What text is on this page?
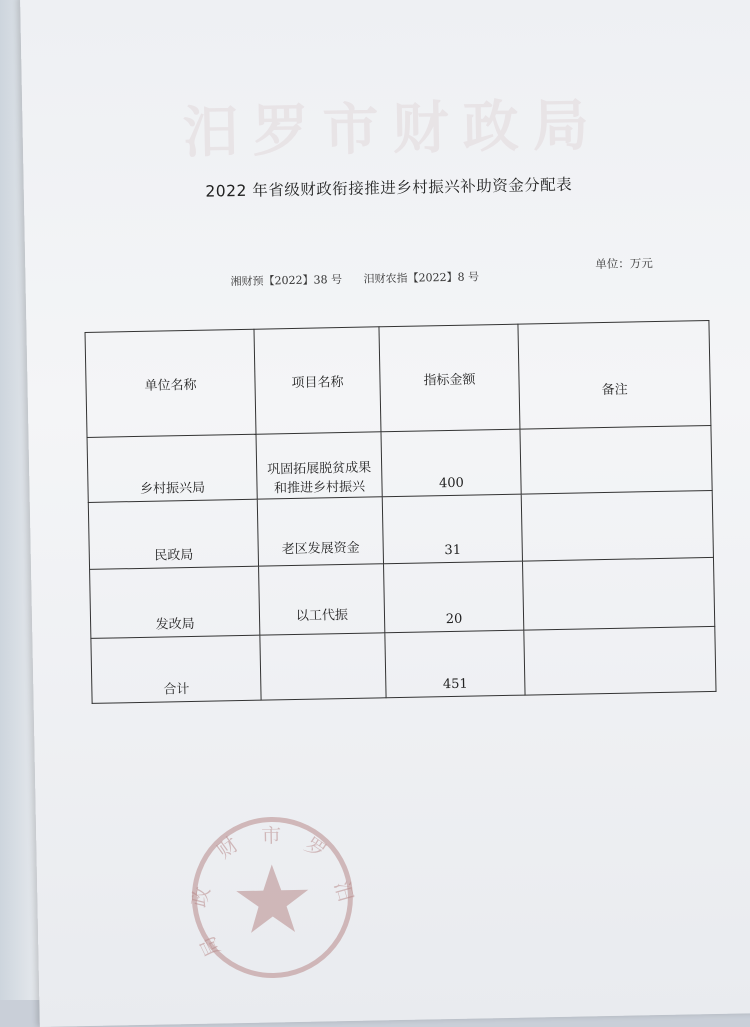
汨罗市财政局
2022 年省级财政衔接推进乡村振兴补助资金分配表
湘财预【2022】38 号 汨财农指【2022】8 号
单位：万元
单位名称	项目名称	指标金额	备注
乡村振兴局	巩固拓展脱贫成果和推进乡村振兴	400	
民政局	老区发展资金	31	
发改局	以工代振	20	
合计		451	
市 罗
汨
财
政
局
